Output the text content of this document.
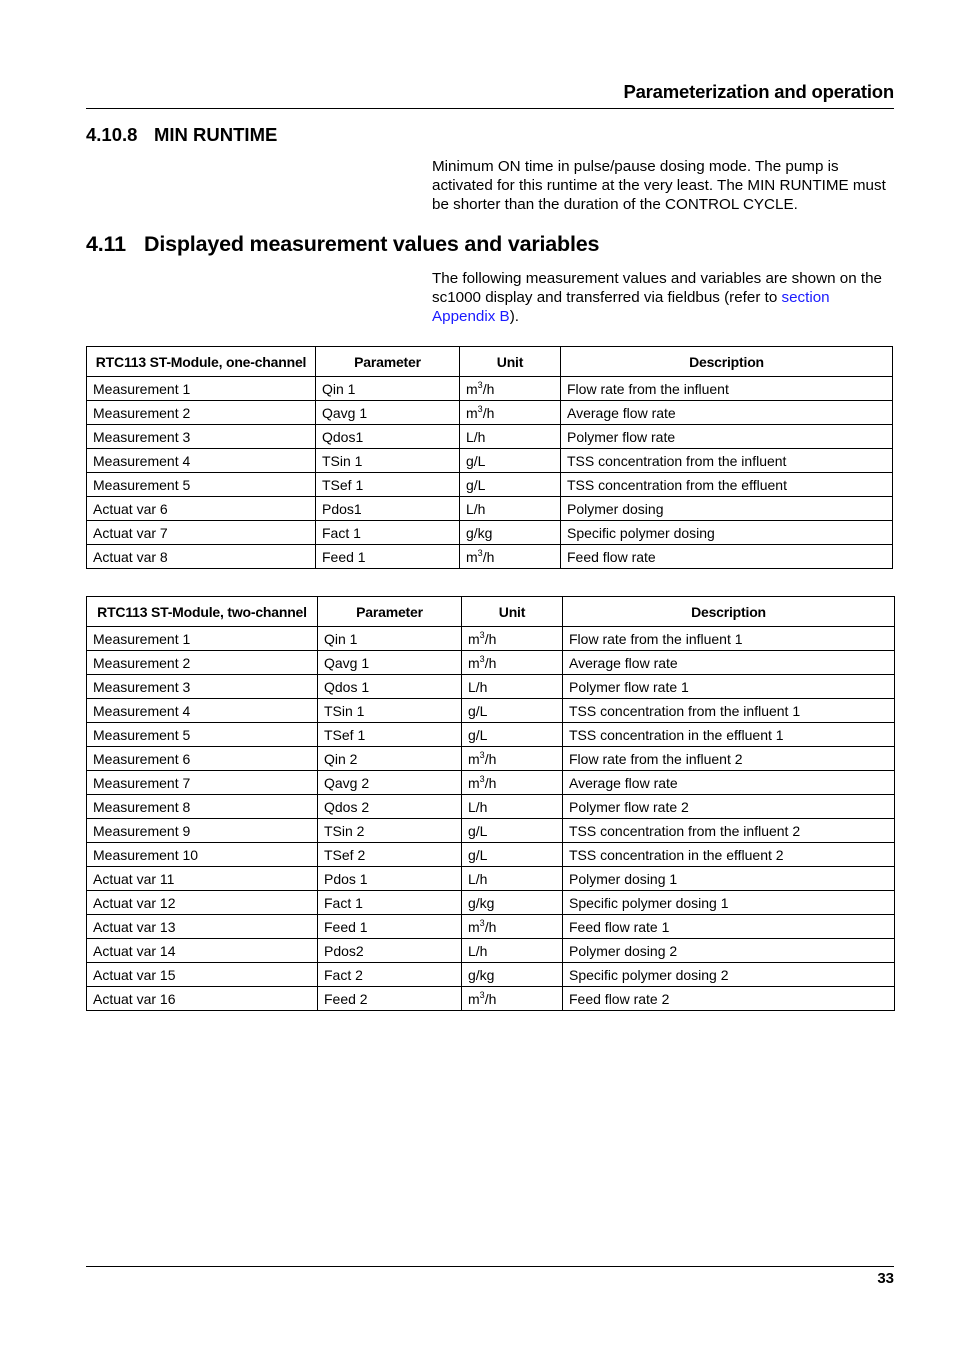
Parameterization and operation
4.10.8 MIN RUNTIME
Minimum ON time in pulse/pause dosing mode. The pump is activated for this runtime at the very least. The MIN RUNTIME must be shorter than the duration of the CONTROL CYCLE.
4.11 Displayed measurement values and variables
The following measurement values and variables are shown on the sc1000 display and transferred via fieldbus (refer to section Appendix B).
RTC113 ST-Module, one-channel	Parameter	Unit	Description
Measurement 1	Qin 1	$m^3/h$	Flow rate from the influent
Measurement 2	Qavg 1	$m^3/h$	Average flow rate
Measurement 3	Qdos1	L/h	Polymer flow rate
Measurement 4	TSin 1	g/L	TSS concentration from the influent
Measurement 5	TSef 1	g/L	TSS concentration from the effluent
Actuat var 6	Pdos1	L/h	Polymer dosing
Actuat var 7	Fact 1	g/kg	Specific polymer dosing
Actuat var 8	Feed 1	$m^3/h$	Feed flow rate
RTC113 ST-Module, two-channel	Parameter	Unit	Description
Measurement 1	Qin 1	$m^3/h$	Flow rate from the influent 1
Measurement 2	Qavg 1	$m^3/h$	Average flow rate
Measurement 3	Qdos 1	L/h	Polymer flow rate 1
Measurement 4	TSin 1	g/L	TSS concentration from the influent 1
Measurement 5	TSef 1	g/L	TSS concentration in the effluent 1
Measurement 6	Qin 2	$m^3/h$	Flow rate from the influent 2
Measurement 7	Qavg 2	$m^3/h$	Average flow rate
Measurement 8	Qdos 2	L/h	Polymer flow rate 2
Measurement 9	TSin 2	g/L	TSS concentration from the influent 2
Measurement 10	TSef 2	g/L	TSS concentration in the effluent 2
Actuat var 11	Pdos 1	L/h	Polymer dosing 1
Actuat var 12	Fact 1	g/kg	Specific polymer dosing 1
Actuat var 13	Feed 1	$m^3/h$	Feed flow rate 1
Actuat var 14	Pdos2	L/h	Polymer dosing 2
Actuat var 15	Fact 2	g/kg	Specific polymer dosing 2
Actuat var 16	Feed 2	$m^3/h$	Feed flow rate 2
33
